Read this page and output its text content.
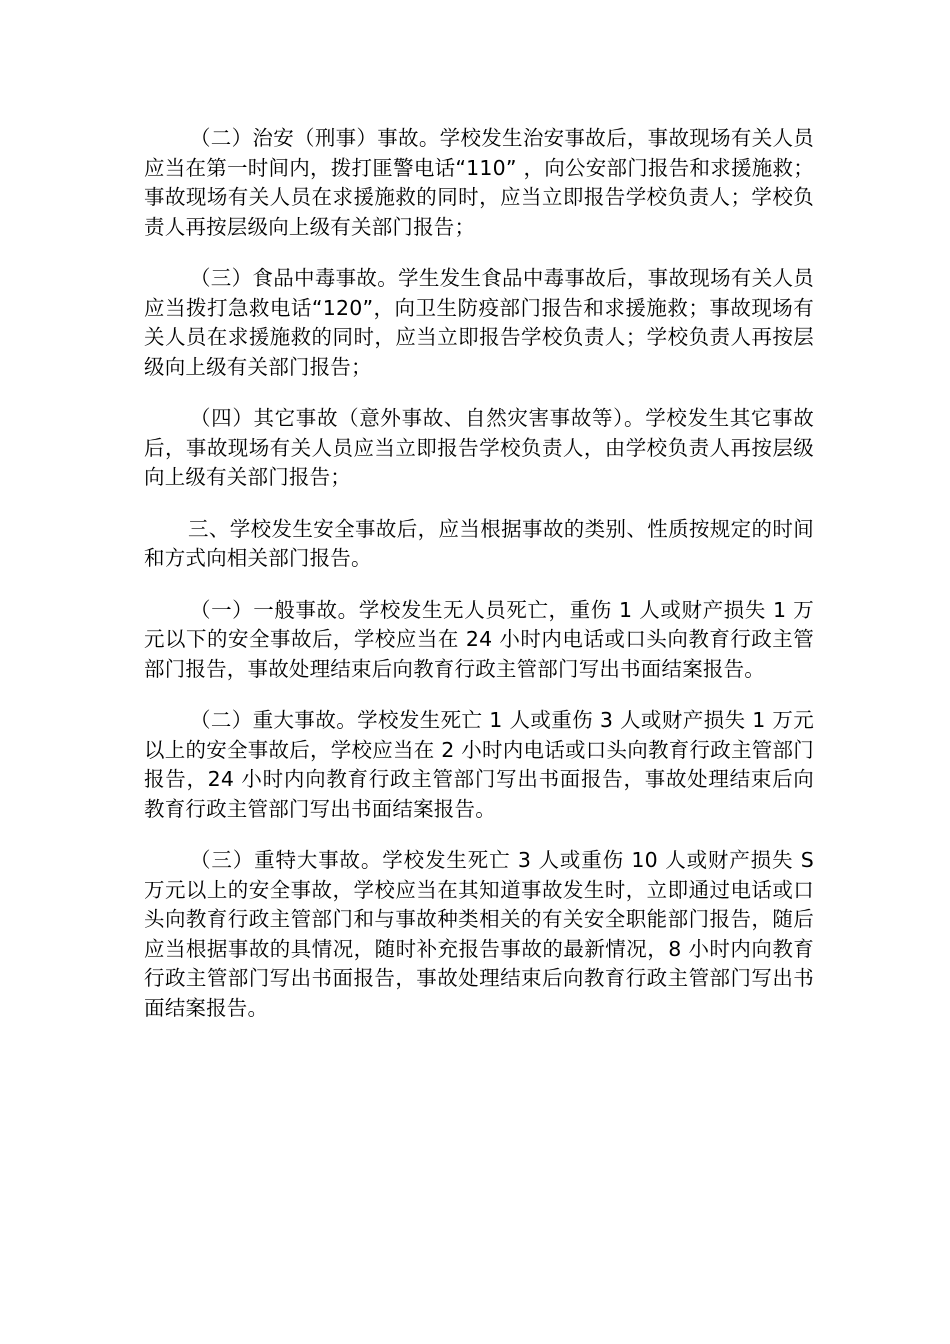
（二）治安（刑事）事故。学校发生治安事故后，事故现场有关人员应当在第一时间内，拨打匪警电话“110” ，向公安部门报告和求援施救；事故现场有关人员在求援施救的同时，应当立即报告学校负责人；学校负责人再按层级向上级有关部门报告；

（三）食品中毒事故。学生发生食品中毒事故后，事故现场有关人员应当拨打急救电话“120”，向卫生防疫部门报告和求援施救；事故现场有关人员在求援施救的同时，应当立即报告学校负责人；学校负责人再按层级向上级有关部门报告；

（四）其它事故（意外事故、自然灾害事故等）。学校发生其它事故后，事故现场有关人员应当立即报告学校负责人，由学校负责人再按层级向上级有关部门报告；

三、学校发生安全事故后，应当根据事故的类别、性质按规定的时间和方式向相关部门报告。

（一）一般事故。学校发生无人员死亡，重伤 1 人或财产损失 1 万元以下的安全事故后，学校应当在 24 小时内电话或口头向教育行政主管部门报告，事故处理结束后向教育行政主管部门写出书面结案报告。

（二）重大事故。学校发生死亡 1 人或重伤 3 人或财产损失 1 万元以上的安全事故后，学校应当在 2 小时内电话或口头向教育行政主管部门报告，24 小时内向教育行政主管部门写出书面报告，事故处理结束后向教育行政主管部门写出书面结案报告。

（三）重特大事故。学校发生死亡 3 人或重伤 10 人或财产损失 S 万元以上的安全事故，学校应当在其知道事故发生时，立即通过电话或口头向教育行政主管部门和与事故种类相关的有关安全职能部门报告，随后应当根据事故的具情况，随时补充报告事故的最新情况，8 小时内向教育行政主管部门写出书面报告，事故处理结束后向教育行政主管部门写出书面结案报告。
